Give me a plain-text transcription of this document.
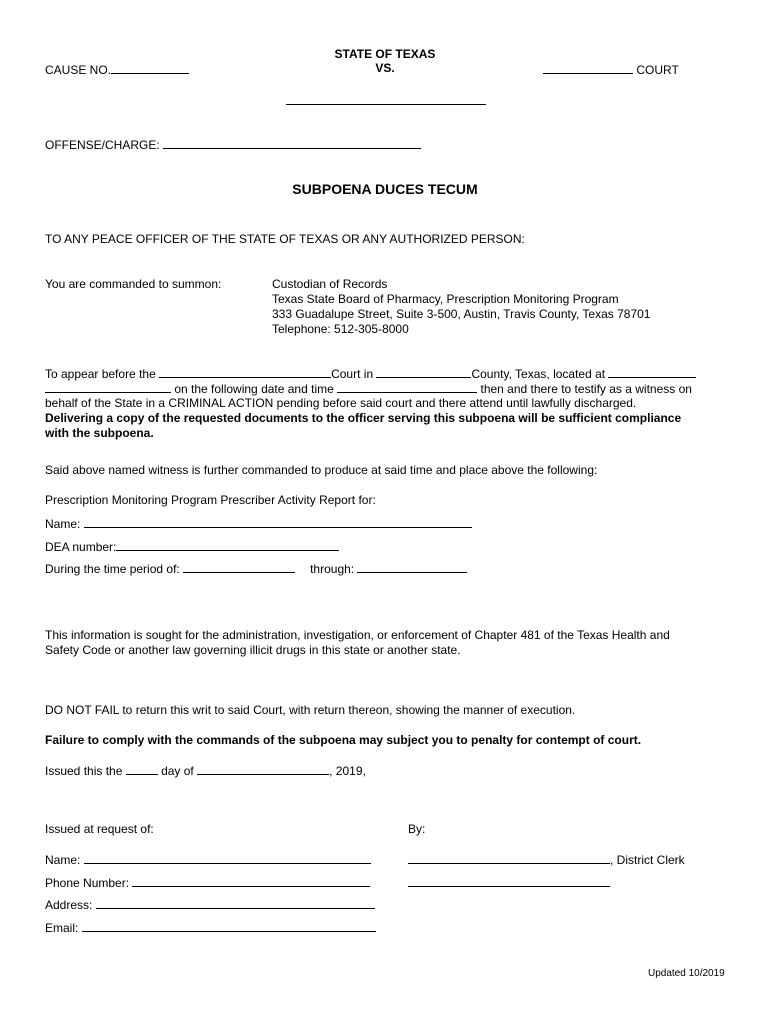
STATE OF TEXAS
VS.
CAUSE NO.	COURT
OFFENSE/CHARGE:
SUBPOENA DUCES TECUM
TO ANY PEACE OFFICER OF THE STATE OF TEXAS OR ANY AUTHORIZED PERSON:
You are commanded to summon:	Custodian of Records
Texas State Board of Pharmacy, Prescription Monitoring Program
333 Guadalupe Street, Suite 3-500, Austin, Travis County, Texas 78701
Telephone: 512-305-8000
To appear before the	Court in	County, Texas, located at
on the following date and time	then and there to testify as a witness on
behalf of the State in a CRIMINAL ACTION pending before said court and there attend until lawfully discharged.
Delivering a copy of the requested documents to the officer serving this subpoena will be sufficient compliance
with the subpoena.
Said above named witness is further commanded to produce at said time and place above the following:
Prescription Monitoring Program Prescriber Activity Report for:
Name:
DEA number:
During the time period of:	through:
This information is sought for the administration, investigation, or enforcement of Chapter 481 of the Texas Health and
Safety Code or another law governing illicit drugs in this state or another state.
DO NOT FAIL to return this writ to said Court, with return thereon, showing the manner of execution.
Failure to comply with the commands of the subpoena may subject you to penalty for contempt of court.
Issued this the	day of	, 2019,
Issued at request of:	By:
Name:	, District Clerk
Phone Number:
Address:
Email:
Updated 10/2019
